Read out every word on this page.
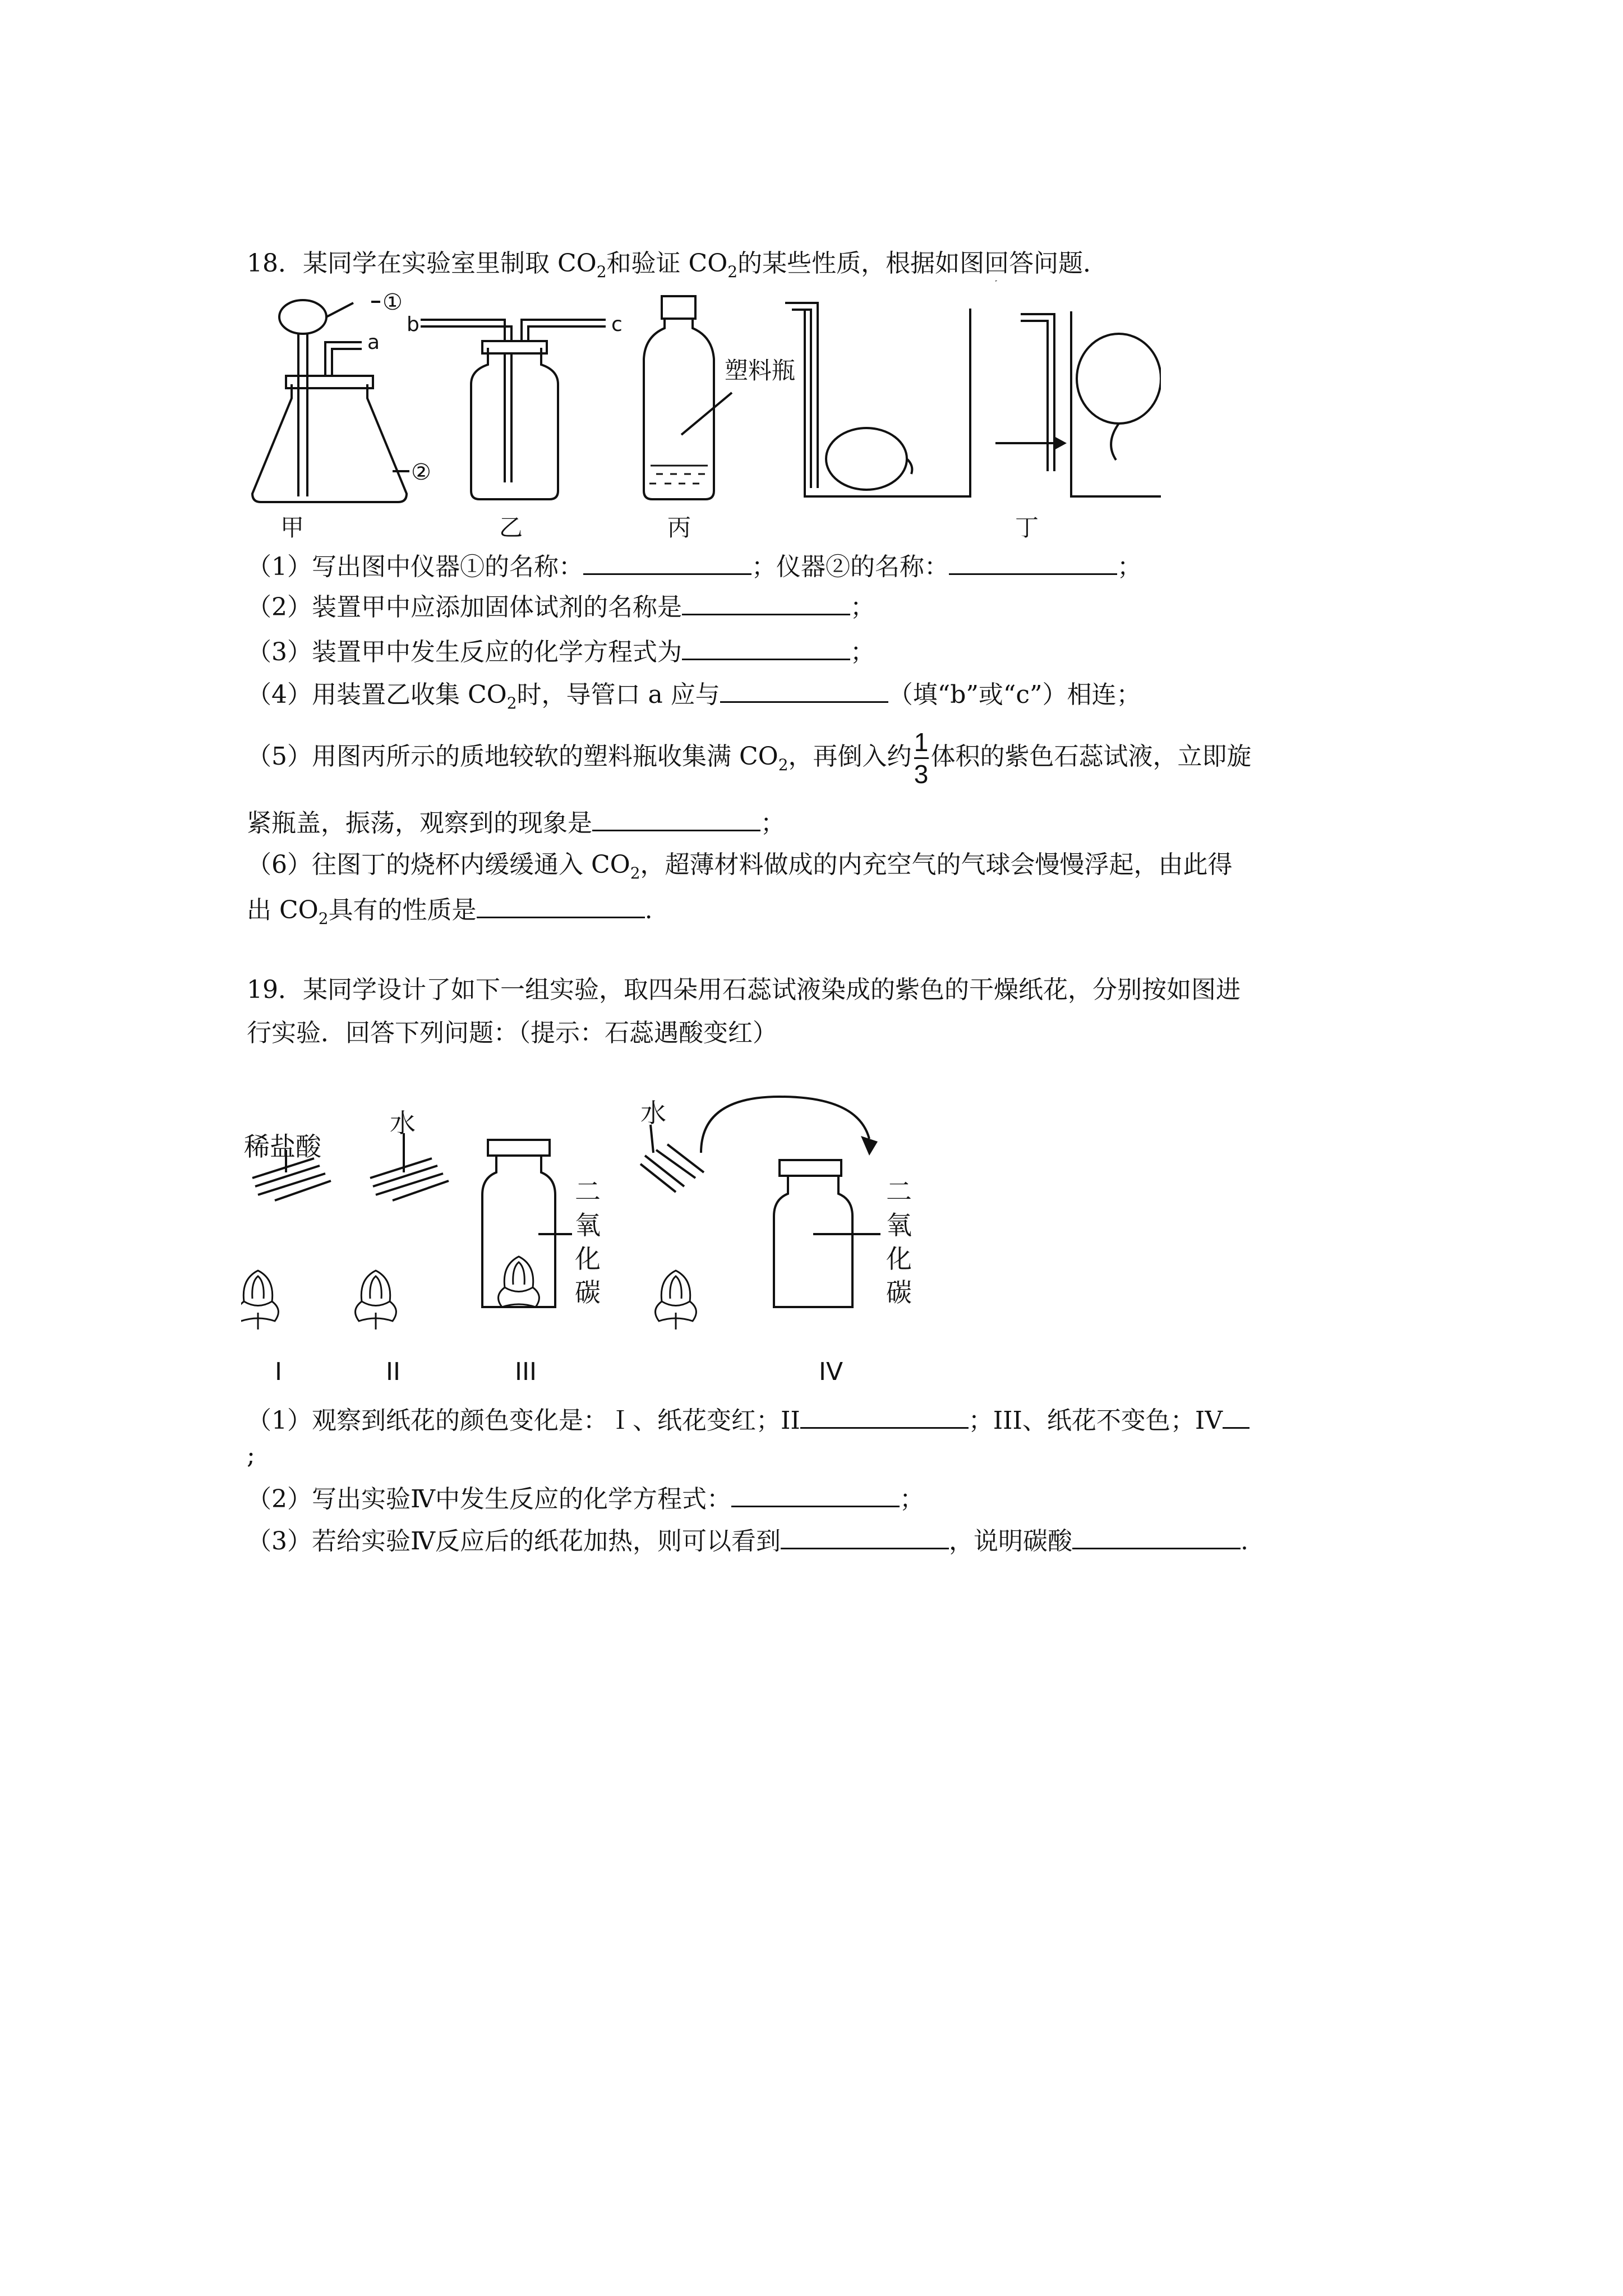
18．某同学在实验室里制取 $CO_2$和验证 $CO_2$的某些性质，根据如图回答问题．
①
a
②
b	c
塑料瓶
甲	乙	丙	丁
（1）写出图中仪器①的名称：	；仪器②的名称：	；
（2）装置甲中应添加固体试剂的名称是	；
（3）装置甲中发生反应的化学方程式为	；
（4）用装置乙收集 $CO_2$时，导管口 a 应与	（填“b”或“c”）相连；
（5）用图丙所示的质地较软的塑料瓶收集满 $CO_2$，再倒入约 $\frac{1}{3}$ 体积的紫色石蕊试液，立即旋
紧瓶盖，振荡，观察到的现象是	；
（6）往图丁的烧杯内缓缓通入 $CO_2$，超薄材料做成的内充空气的气球会慢慢浮起，由此得
出 $CO_2$具有的性质是	.
19．某同学设计了如下一组实验，取四朵用石蕊试液染成的紫色的干燥纸花，分别按如图进
行实验．回答下列问题：（提示：石蕊遇酸变红）
稀盐酸
水	水
二
氧
化
碳
二
氧
化
碳
I	II	III	IV
（1）观察到纸花的颜色变化是：Ｉ、纸花变红；II	；III、纸花不变色；IV
;
（2）写出实验Ⅳ中发生反应的化学方程式：	；
（3）若给实验Ⅳ反应后的纸花加热，则可以看到	，说明碳酸	.
